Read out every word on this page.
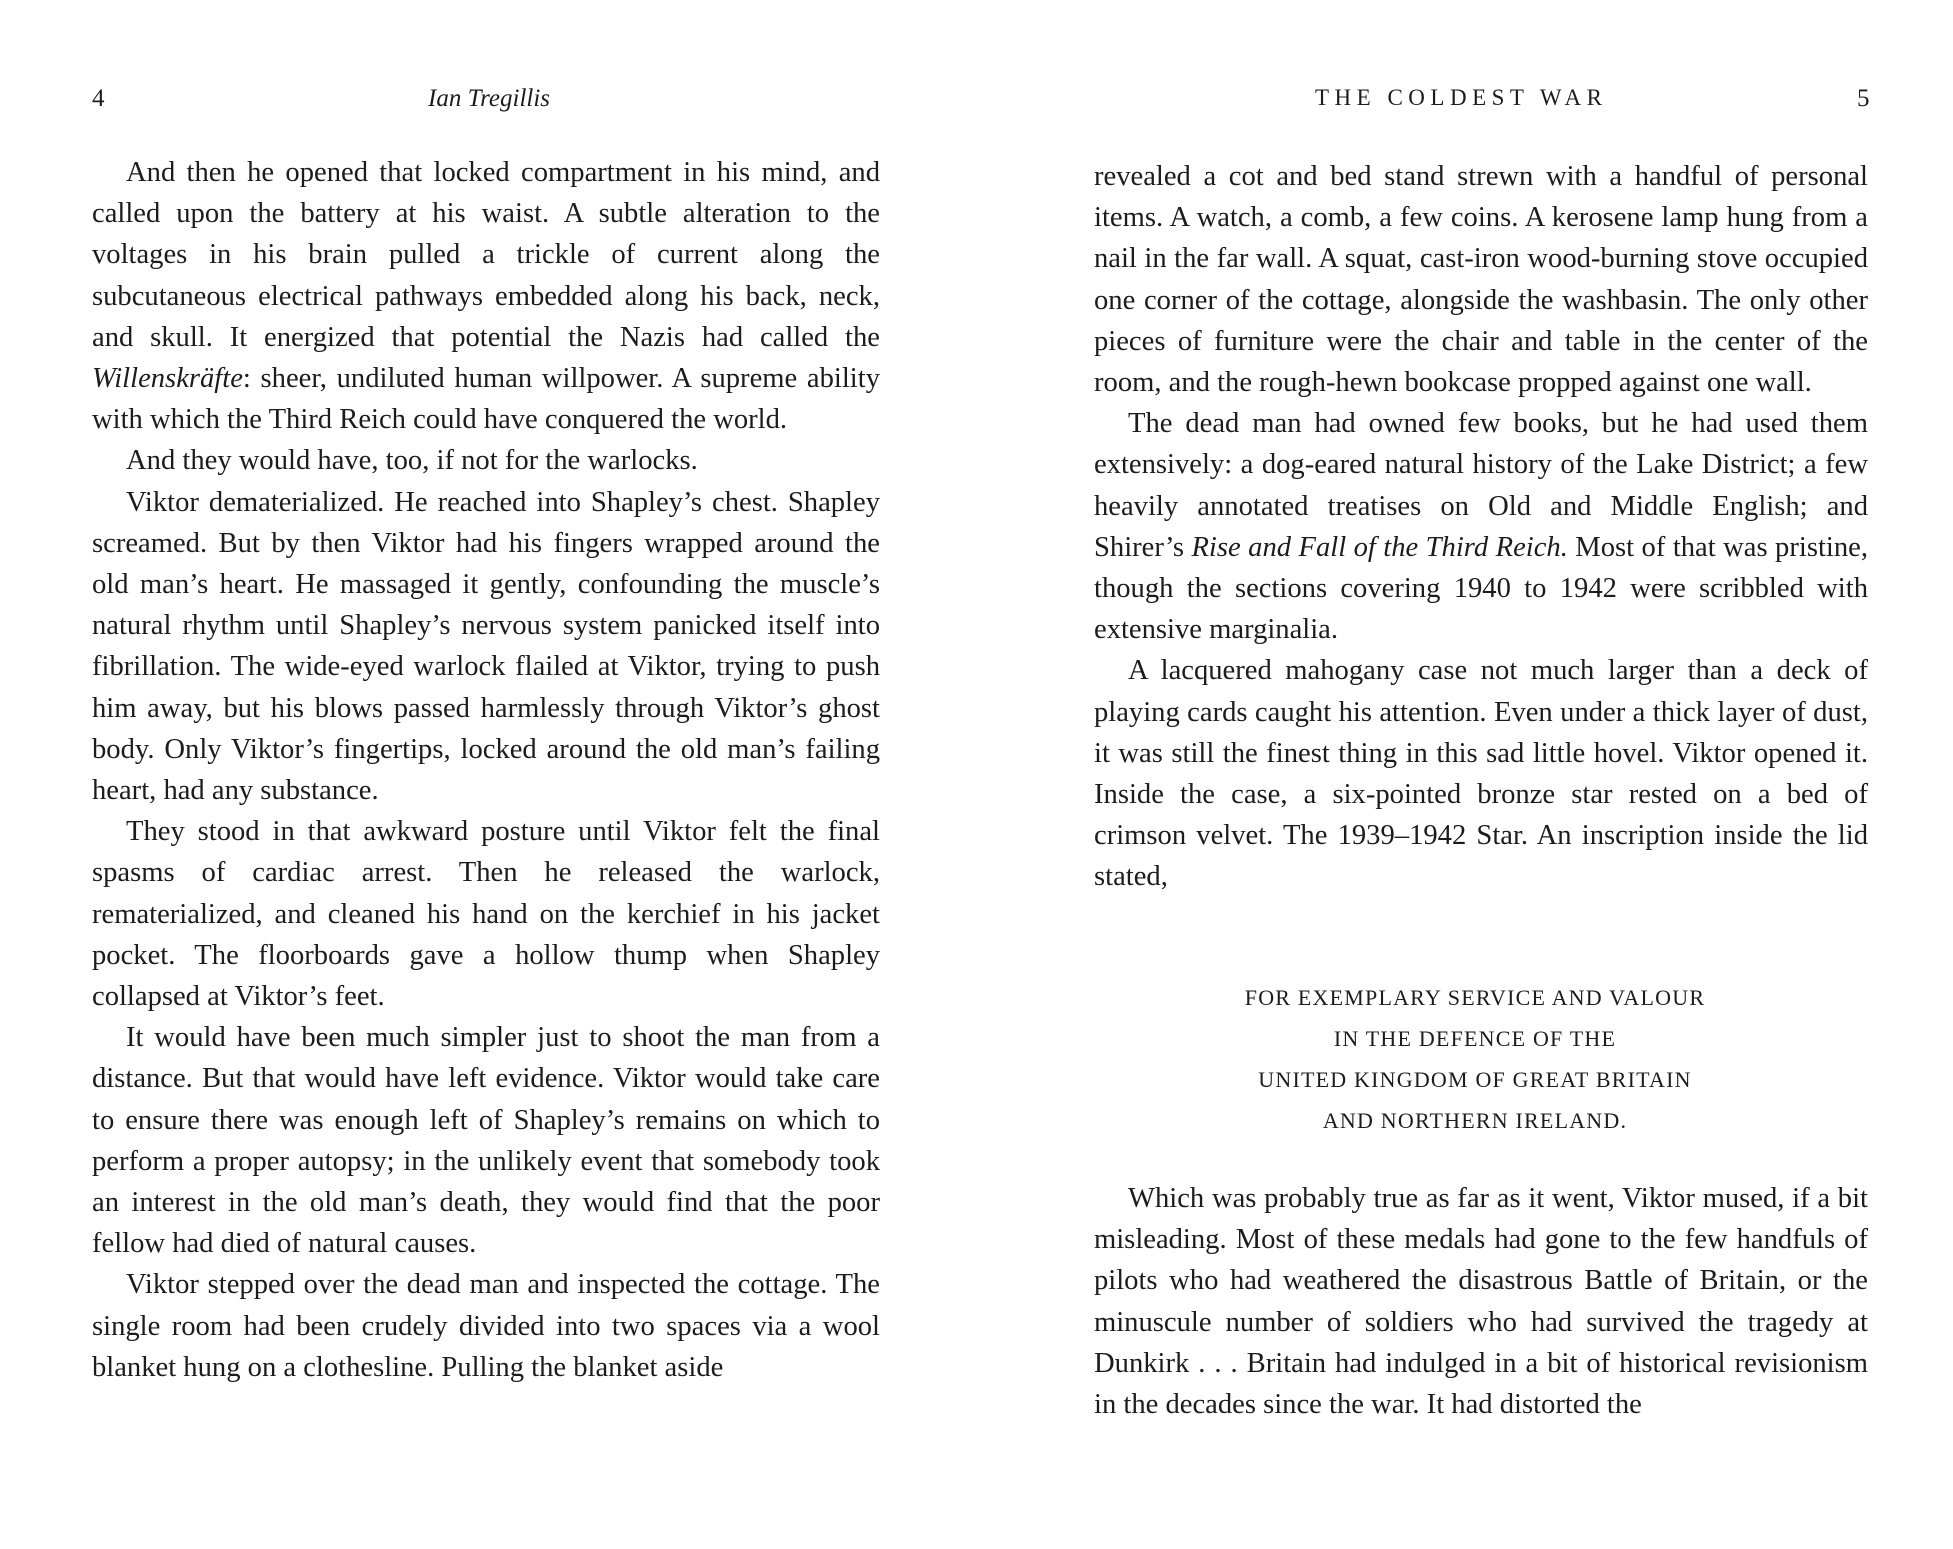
4	Ian Tregillis

And then he opened that locked compartment in his mind, and called upon the battery at his waist. A subtle alteration to the voltages in his brain pulled a trickle of current along the subcutaneous electrical pathways embedded along his back, neck, and skull. It energized that potential the Nazis had called the Willenskräfte: sheer, undiluted human willpower. A supreme ability with which the Third Reich could have conquered the world.

And they would have, too, if not for the warlocks.

Viktor dematerialized. He reached into Shapley’s chest. Shapley screamed. But by then Viktor had his fingers wrapped around the old man’s heart. He massaged it gently, confounding the muscle’s natural rhythm until Shapley’s nervous system panicked itself into fibrillation. The wide-eyed warlock flailed at Viktor, trying to push him away, but his blows passed harmlessly through Viktor’s ghost body. Only Viktor’s fingertips, locked around the old man’s failing heart, had any substance.

They stood in that awkward posture until Viktor felt the final spasms of cardiac arrest. Then he released the warlock, rematerialized, and cleaned his hand on the kerchief in his jacket pocket. The floorboards gave a hollow thump when Shapley collapsed at Viktor’s feet.

It would have been much simpler just to shoot the man from a distance. But that would have left evidence. Viktor would take care to ensure there was enough left of Shapley’s remains on which to perform a proper autopsy; in the unlikely event that somebody took an interest in the old man’s death, they would find that the poor fellow had died of natural causes.

Viktor stepped over the dead man and inspected the cottage. The single room had been crudely divided into two spaces via a wool blanket hung on a clothesline. Pulling the blanket aside

THE COLDEST WAR	5

revealed a cot and bed stand strewn with a handful of personal items. A watch, a comb, a few coins. A kerosene lamp hung from a nail in the far wall. A squat, cast-iron wood-burning stove occupied one corner of the cottage, alongside the washbasin. The only other pieces of furniture were the chair and table in the center of the room, and the rough-hewn bookcase propped against one wall.

The dead man had owned few books, but he had used them extensively: a dog-eared natural history of the Lake District; a few heavily annotated treatises on Old and Middle English; and Shirer’s Rise and Fall of the Third Reich. Most of that was pristine, though the sections covering 1940 to 1942 were scribbled with extensive marginalia.

A lacquered mahogany case not much larger than a deck of playing cards caught his attention. Even under a thick layer of dust, it was still the finest thing in this sad little hovel. Viktor opened it. Inside the case, a six-pointed bronze star rested on a bed of crimson velvet. The 1939–1942 Star. An inscription inside the lid stated,

FOR EXEMPLARY SERVICE AND VALOUR
IN THE DEFENCE OF THE
UNITED KINGDOM OF GREAT BRITAIN
AND NORTHERN IRELAND.

Which was probably true as far as it went, Viktor mused, if a bit misleading. Most of these medals had gone to the few handfuls of pilots who had weathered the disastrous Battle of Britain, or the minuscule number of soldiers who had survived the tragedy at Dunkirk . . . Britain had indulged in a bit of historical revisionism in the decades since the war. It had distorted the
